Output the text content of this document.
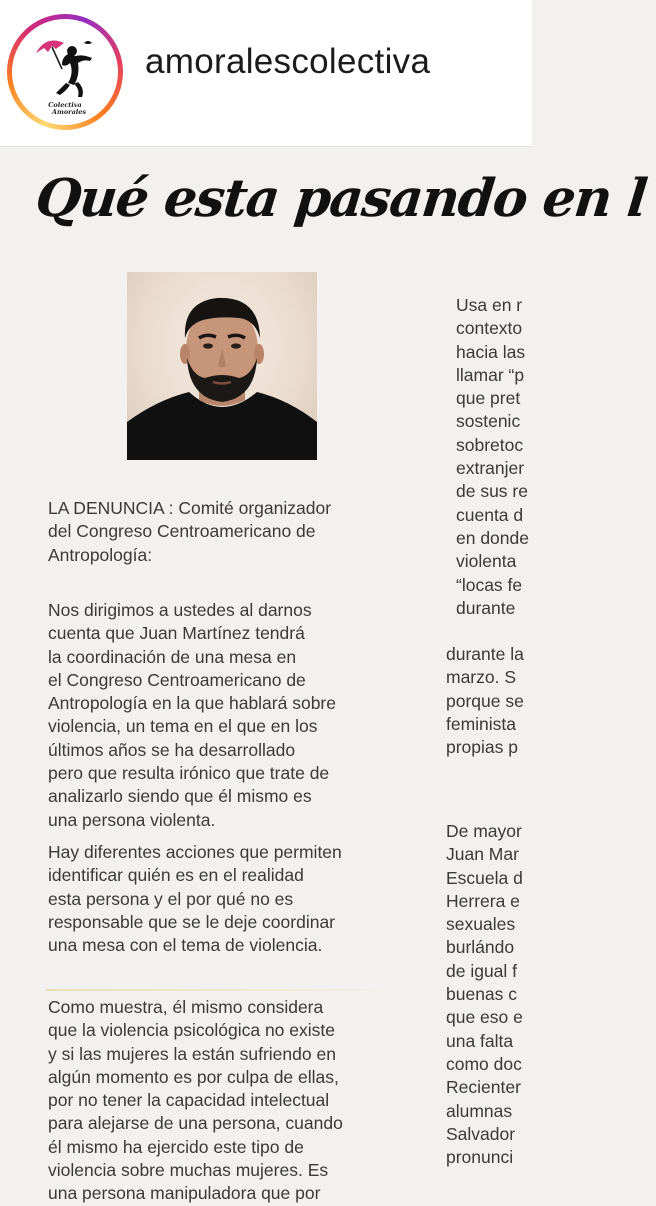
Colectiva
Amorales
amoralescolectiva
Qué esta pasando en l
LA DENUNCIA : Comité organizador
del Congreso Centroamericano de
Antropología:
Nos dirigimos a ustedes al darnos
cuenta que Juan Martínez tendrá
la coordinación de una mesa en
el Congreso Centroamericano de
Antropología en la que hablará sobre
violencia, un tema en el que en los
últimos años se ha desarrollado
pero que resulta irónico que trate de
analizarlo siendo que él mismo es
una persona violenta.
Hay diferentes acciones que permiten
identificar quién es en el realidad
esta persona y el por qué no es
responsable que se le deje coordinar
una mesa con el tema de violencia.
Como muestra, él mismo considera
que la violencia psicológica no existe
y si las mujeres la están sufriendo en
algún momento es por culpa de ellas,
por no tener la capacidad intelectual
para alejarse de una persona, cuando
él mismo ha ejercido este tipo de
violencia sobre muchas mujeres. Es
una persona manipuladora que por
Usa en r
contexto
hacia las
llamar “p
que pret
sostenic
sobretoc
extranjer
de sus re
cuenta d
en donde
violenta
“locas fe
durante
durante la
marzo. S
porque se
feminista
propias p
De mayor
Juan Mar
Escuela d
Herrera e
sexuales
burlándo
de igual f
buenas c
que eso e
una falta
como doc
Recienter
alumnas
Salvador
pronunci
